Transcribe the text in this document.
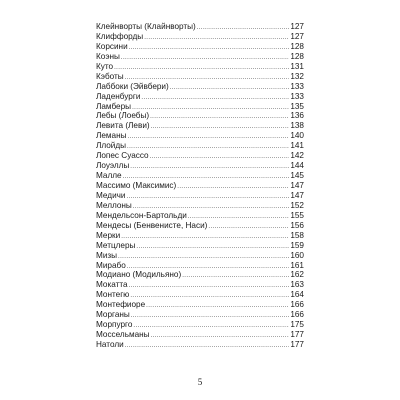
Клейнворты (Клайнворты) .....	127
Клиффорды .....	127
Корсини .....	128
Коэны .....	128
Куто .....	131
Кэботы .....	132
Лаббоки (Эйвбери) .....	133
Ладенбурги .....	133
Ламберы .....	135
Лебы (Лоебы) .....	136
Левита (Леви) .....	138
Леманы .....	140
Ллойды .....	141
Лопес Суассо .....	142
Лоуэллы .....	144
Малле .....	145
Массимо (Максимис) .....	147
Медичи .....	147
Меллоны .....	152
Мендельсон-Бартольди .....	155
Мендесы (Бенвенисте, Наси) .....	156
Мерки .....	158
Метцлеры .....	159
Мизы .....	160
Мирабо .....	161
Модиано (Модильяно) .....	162
Мокатта .....	163
Монтегю .....	164
Монтефиоре .....	166
Морганы .....	166
Морпурго .....	175
Моссельманы .....	177
Натоли .....	177
5
